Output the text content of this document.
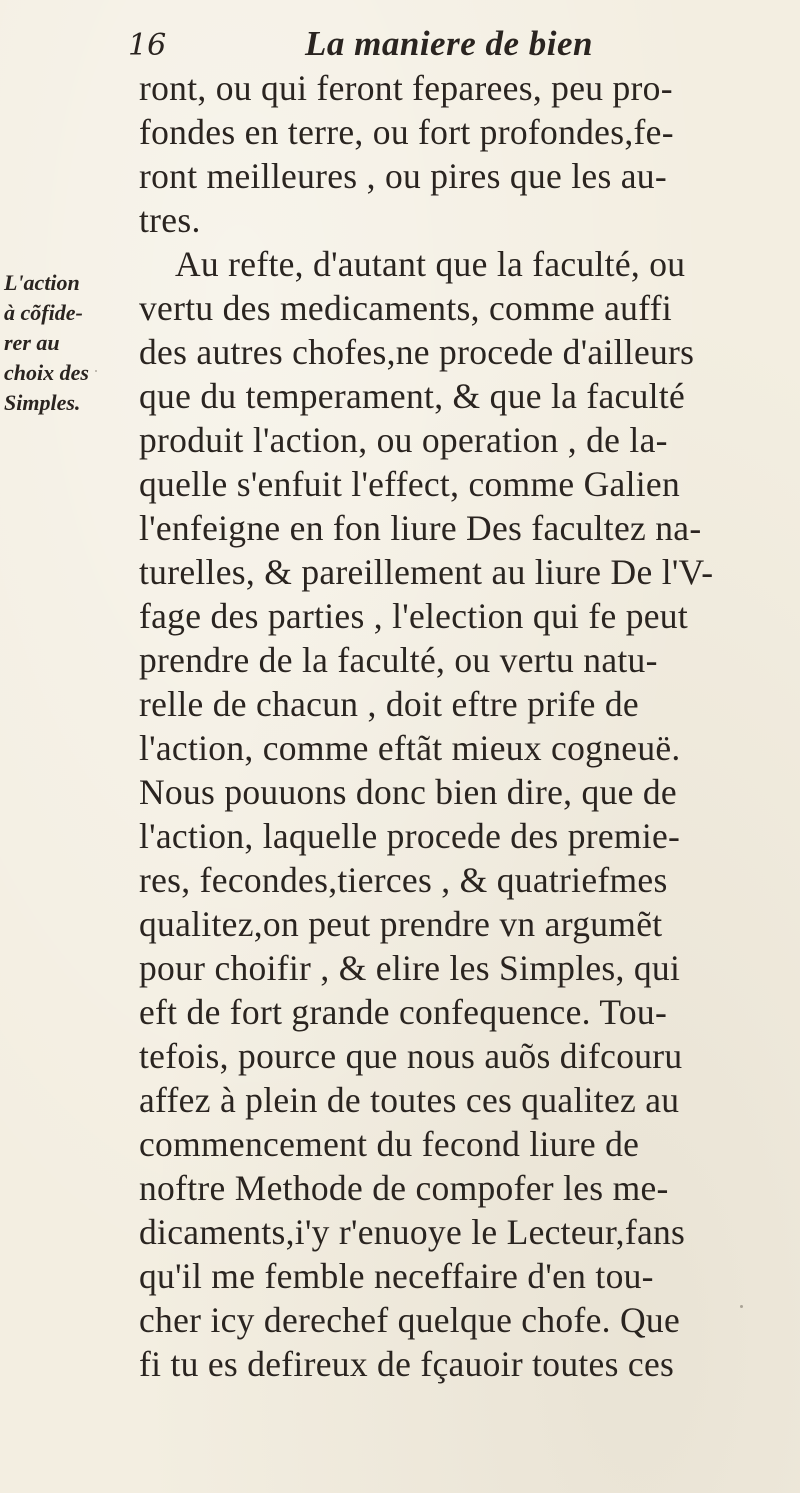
16	La maniere de bien
L'action
à cõfide-
rer au
choix des
Simples.
ront, ou qui feront feparees, peu pro-
fondes en terre, ou fort profondes,fe-
ront meilleures , ou pires que les au-
tres.
Au refte, d'autant que la faculté, ou
vertu des medicaments, comme auffi
des autres chofes,ne procede d'ailleurs
que du temperament, & que la faculté
produit l'action, ou operation , de la-
quelle s'enfuit l'effect, comme Galien
l'enfeigne en fon liure Des facultez na-
turelles, & pareillement au liure De l'V-
fage des parties , l'election qui fe peut
prendre de la faculté, ou vertu natu-
relle de chacun , doit eftre prife de
l'action, comme eftãt mieux cogneuë.
Nous pouuons donc bien dire, que de
l'action, laquelle procede des premie-
res, fecondes,tierces , & quatriefmes
qualitez,on peut prendre vn argumẽt
pour choifir , & elire les Simples, qui
eft de fort grande confequence. Tou-
tefois, pource que nous auõs difcouru
affez à plein de toutes ces qualitez au
commencement du fecond liure de
noftre Methode de compofer les me-
dicaments,i'y r'enuoye le Lecteur,fans
qu'il me femble neceffaire d'en tou-
cher icy derechef quelque chofe. Que
fi tu es defireux de fçauoir toutes ces
